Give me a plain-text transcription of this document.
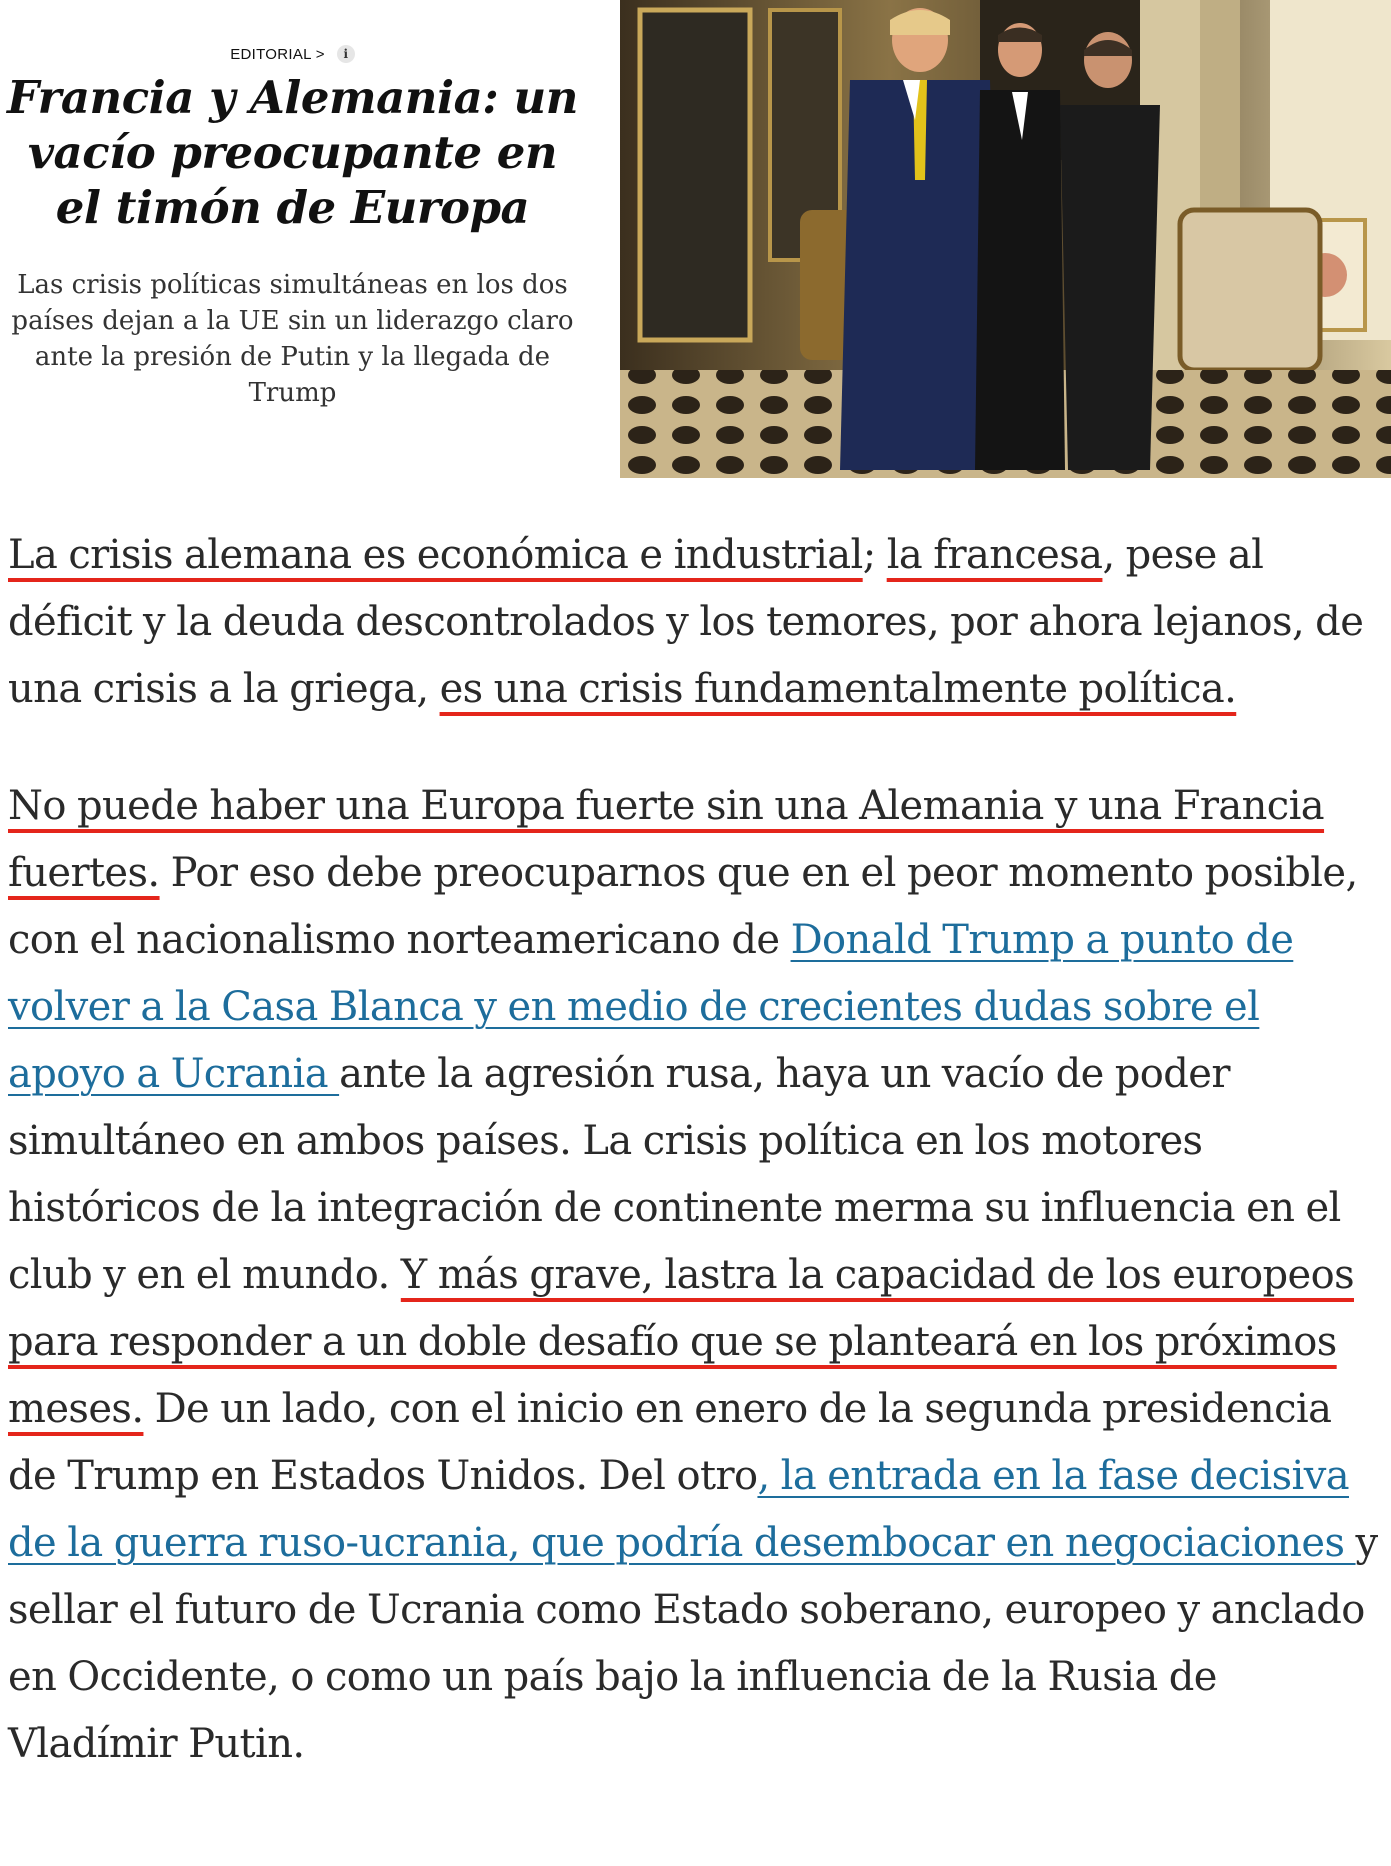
EDITORIAL >	i
Francia y Alemania: un vacío preocupante en el timón de Europa

Las crisis políticas simultáneas en los dos países dejan a la UE sin un liderazgo claro ante la presión de Putin y la llegada de Trump

La crisis alemana es económica e industrial; la francesa, pese al déficit y la deuda descontrolados y los temores, por ahora lejanos, de una crisis a la griega, es una crisis fundamentalmente política.

No puede haber una Europa fuerte sin una Alemania y una Francia fuertes. Por eso debe preocuparnos que en el peor momento posible, con el nacionalismo norteamericano de Donald Trump a punto de volver a la Casa Blanca y en medio de crecientes dudas sobre el apoyo a Ucrania ante la agresión rusa, haya un vacío de poder simultáneo en ambos países. La crisis política en los motores históricos de la integración de continente merma su influencia en el club y en el mundo. Y más grave, lastra la capacidad de los europeos para responder a un doble desafío que se planteará en los próximos meses. De un lado, con el inicio en enero de la segunda presidencia de Trump en Estados Unidos. Del otro, la entrada en la fase decisiva de la guerra ruso-ucrania, que podría desembocar en negociaciones y sellar el futuro de Ucrania como Estado soberano, europeo y anclado en Occidente, o como un país bajo la influencia de la Rusia de Vladímir Putin.
